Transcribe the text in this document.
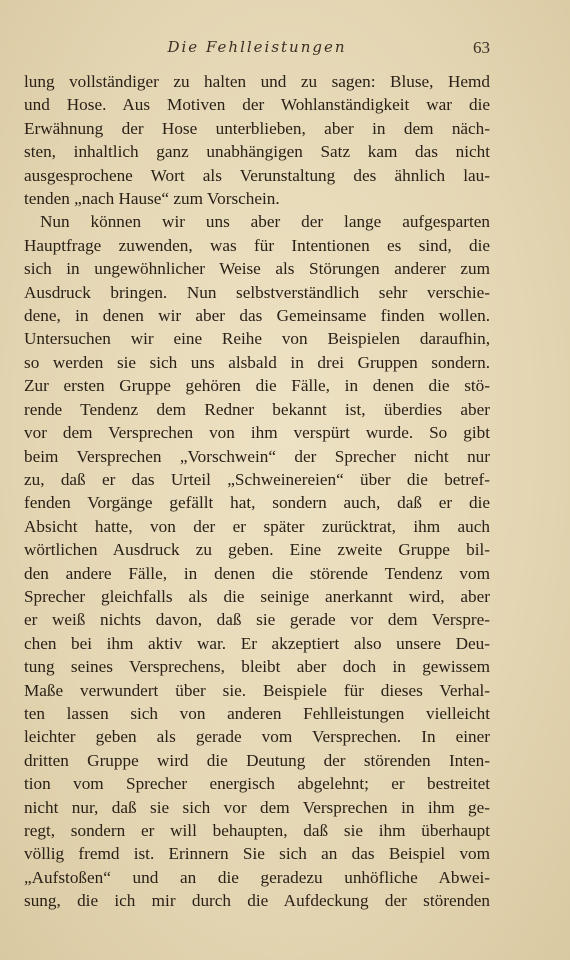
Die Fehlleistungen	63
lung vollständiger zu halten und zu sagen: Bluse, Hemd
und Hose. Aus Motiven der Wohlanständigkeit war die
Erwähnung der Hose unterblieben, aber in dem näch-
sten, inhaltlich ganz unabhängigen Satz kam das nicht
ausgesprochene Wort als Verunstaltung des ähnlich lau-
tenden „nach Hause“ zum Vorschein.
Nun können wir uns aber der lange aufgesparten
Hauptfrage zuwenden, was für Intentionen es sind, die
sich in ungewöhnlicher Weise als Störungen anderer zum
Ausdruck bringen. Nun selbstverständlich sehr verschie-
dene, in denen wir aber das Gemeinsame finden wollen.
Untersuchen wir eine Reihe von Beispielen daraufhin,
so werden sie sich uns alsbald in drei Gruppen sondern.
Zur ersten Gruppe gehören die Fälle, in denen die stö-
rende Tendenz dem Redner bekannt ist, überdies aber
vor dem Versprechen von ihm verspürt wurde. So gibt
beim Versprechen „Vorschwein“ der Sprecher nicht nur
zu, daß er das Urteil „Schweinereien“ über die betref-
fenden Vorgänge gefällt hat, sondern auch, daß er die
Absicht hatte, von der er später zurücktrat, ihm auch
wörtlichen Ausdruck zu geben. Eine zweite Gruppe bil-
den andere Fälle, in denen die störende Tendenz vom
Sprecher gleichfalls als die seinige anerkannt wird, aber
er weiß nichts davon, daß sie gerade vor dem Verspre-
chen bei ihm aktiv war. Er akzeptiert also unsere Deu-
tung seines Versprechens, bleibt aber doch in gewissem
Maße verwundert über sie. Beispiele für dieses Verhal-
ten lassen sich von anderen Fehlleistungen vielleicht
leichter geben als gerade vom Versprechen. In einer
dritten Gruppe wird die Deutung der störenden Inten-
tion vom Sprecher energisch abgelehnt; er bestreitet
nicht nur, daß sie sich vor dem Versprechen in ihm ge-
regt, sondern er will behaupten, daß sie ihm überhaupt
völlig fremd ist. Erinnern Sie sich an das Beispiel vom
„Aufstoßen“ und an die geradezu unhöfliche Abwei-
sung, die ich mir durch die Aufdeckung der störenden
